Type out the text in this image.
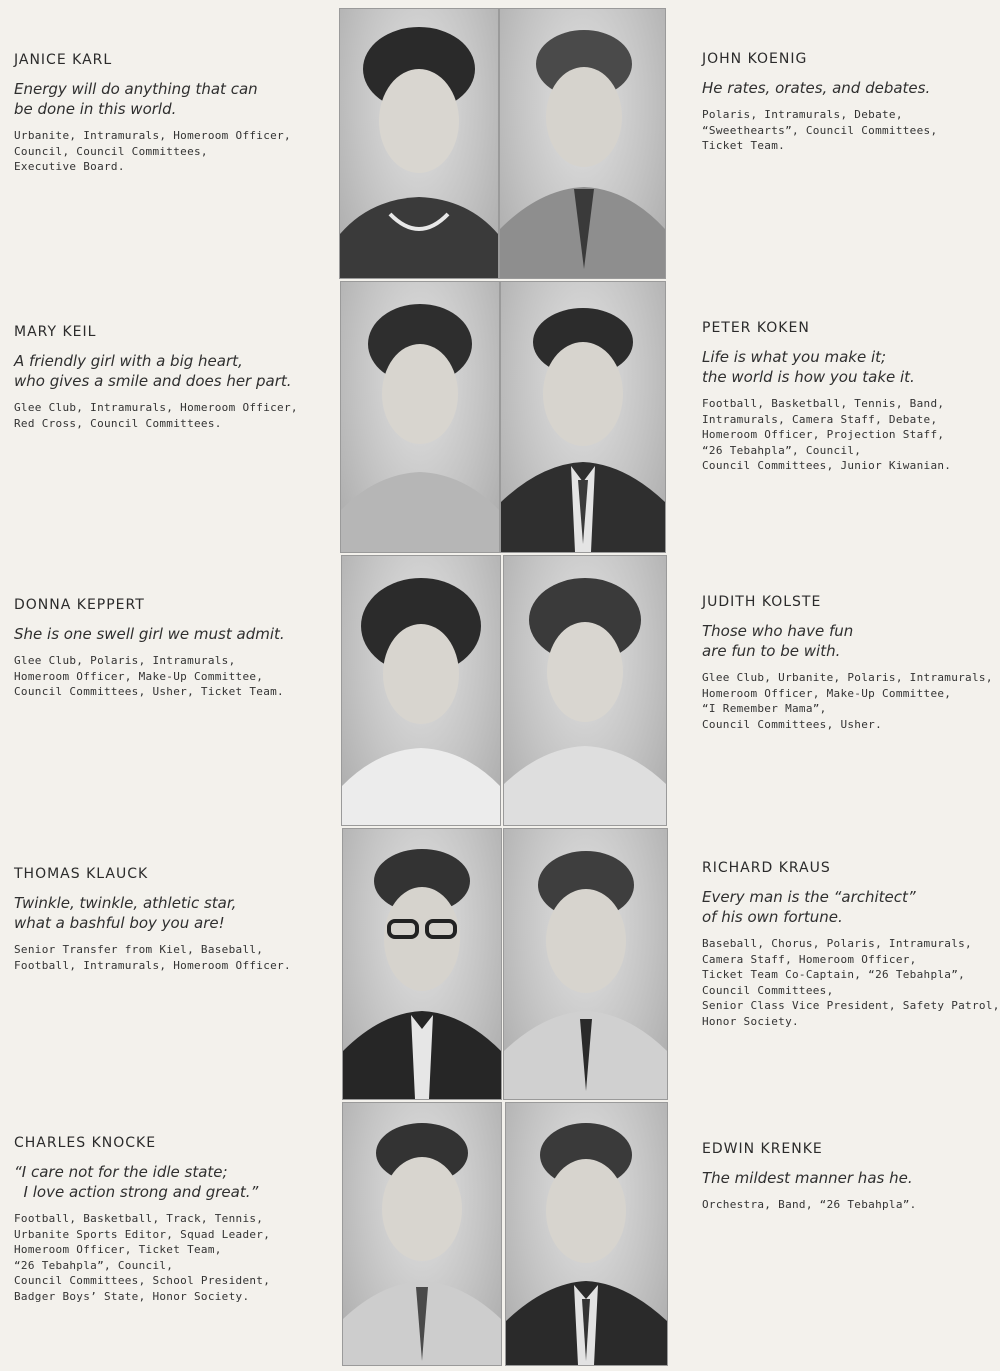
JANICE KARL
Energy will do anything that can
be done in this world.
Urbanite, Intramurals, Homeroom Officer,
Council, Council Committees,
Executive Board.
JOHN KOENIG
He rates, orates, and debates.
Polaris, Intramurals, Debate,
“Sweethearts”, Council Committees,
Ticket Team.
MARY KEIL
A friendly girl with a big heart,
who gives a smile and does her part.
Glee Club, Intramurals, Homeroom Officer,
Red Cross, Council Committees.
PETER KOKEN
Life is what you make it;
the world is how you take it.
Football, Basketball, Tennis, Band,
Intramurals, Camera Staff, Debate,
Homeroom Officer, Projection Staff,
“26 Tebahpla”, Council,
Council Committees, Junior Kiwanian.
DONNA KEPPERT
She is one swell girl we must admit.
Glee Club, Polaris, Intramurals,
Homeroom Officer, Make-Up Committee,
Council Committees, Usher, Ticket Team.
JUDITH KOLSTE
Those who have fun
are fun to be with.
Glee Club, Urbanite, Polaris, Intramurals,
Homeroom Officer, Make-Up Committee,
“I Remember Mama”,
Council Committees, Usher.
THOMAS KLAUCK
Twinkle, twinkle, athletic star,
what a bashful boy you are!
Senior Transfer from Kiel, Baseball,
Football, Intramurals, Homeroom Officer.
RICHARD KRAUS
Every man is the “architect”
of his own fortune.
Baseball, Chorus, Polaris, Intramurals,
Camera Staff, Homeroom Officer,
Ticket Team Co-Captain, “26 Tebahpla”,
Council Committees,
Senior Class Vice President, Safety Patrol,
Honor Society.
CHARLES KNOCKE
“I care not for the idle state;
I love action strong and great.”
Football, Basketball, Track, Tennis,
Urbanite Sports Editor, Squad Leader,
Homeroom Officer, Ticket Team,
“26 Tebahpla”, Council,
Council Committees, School President,
Badger Boys’ State, Honor Society.
EDWIN KRENKE
The mildest manner has he.
Orchestra, Band, “26 Tebahpla”.
